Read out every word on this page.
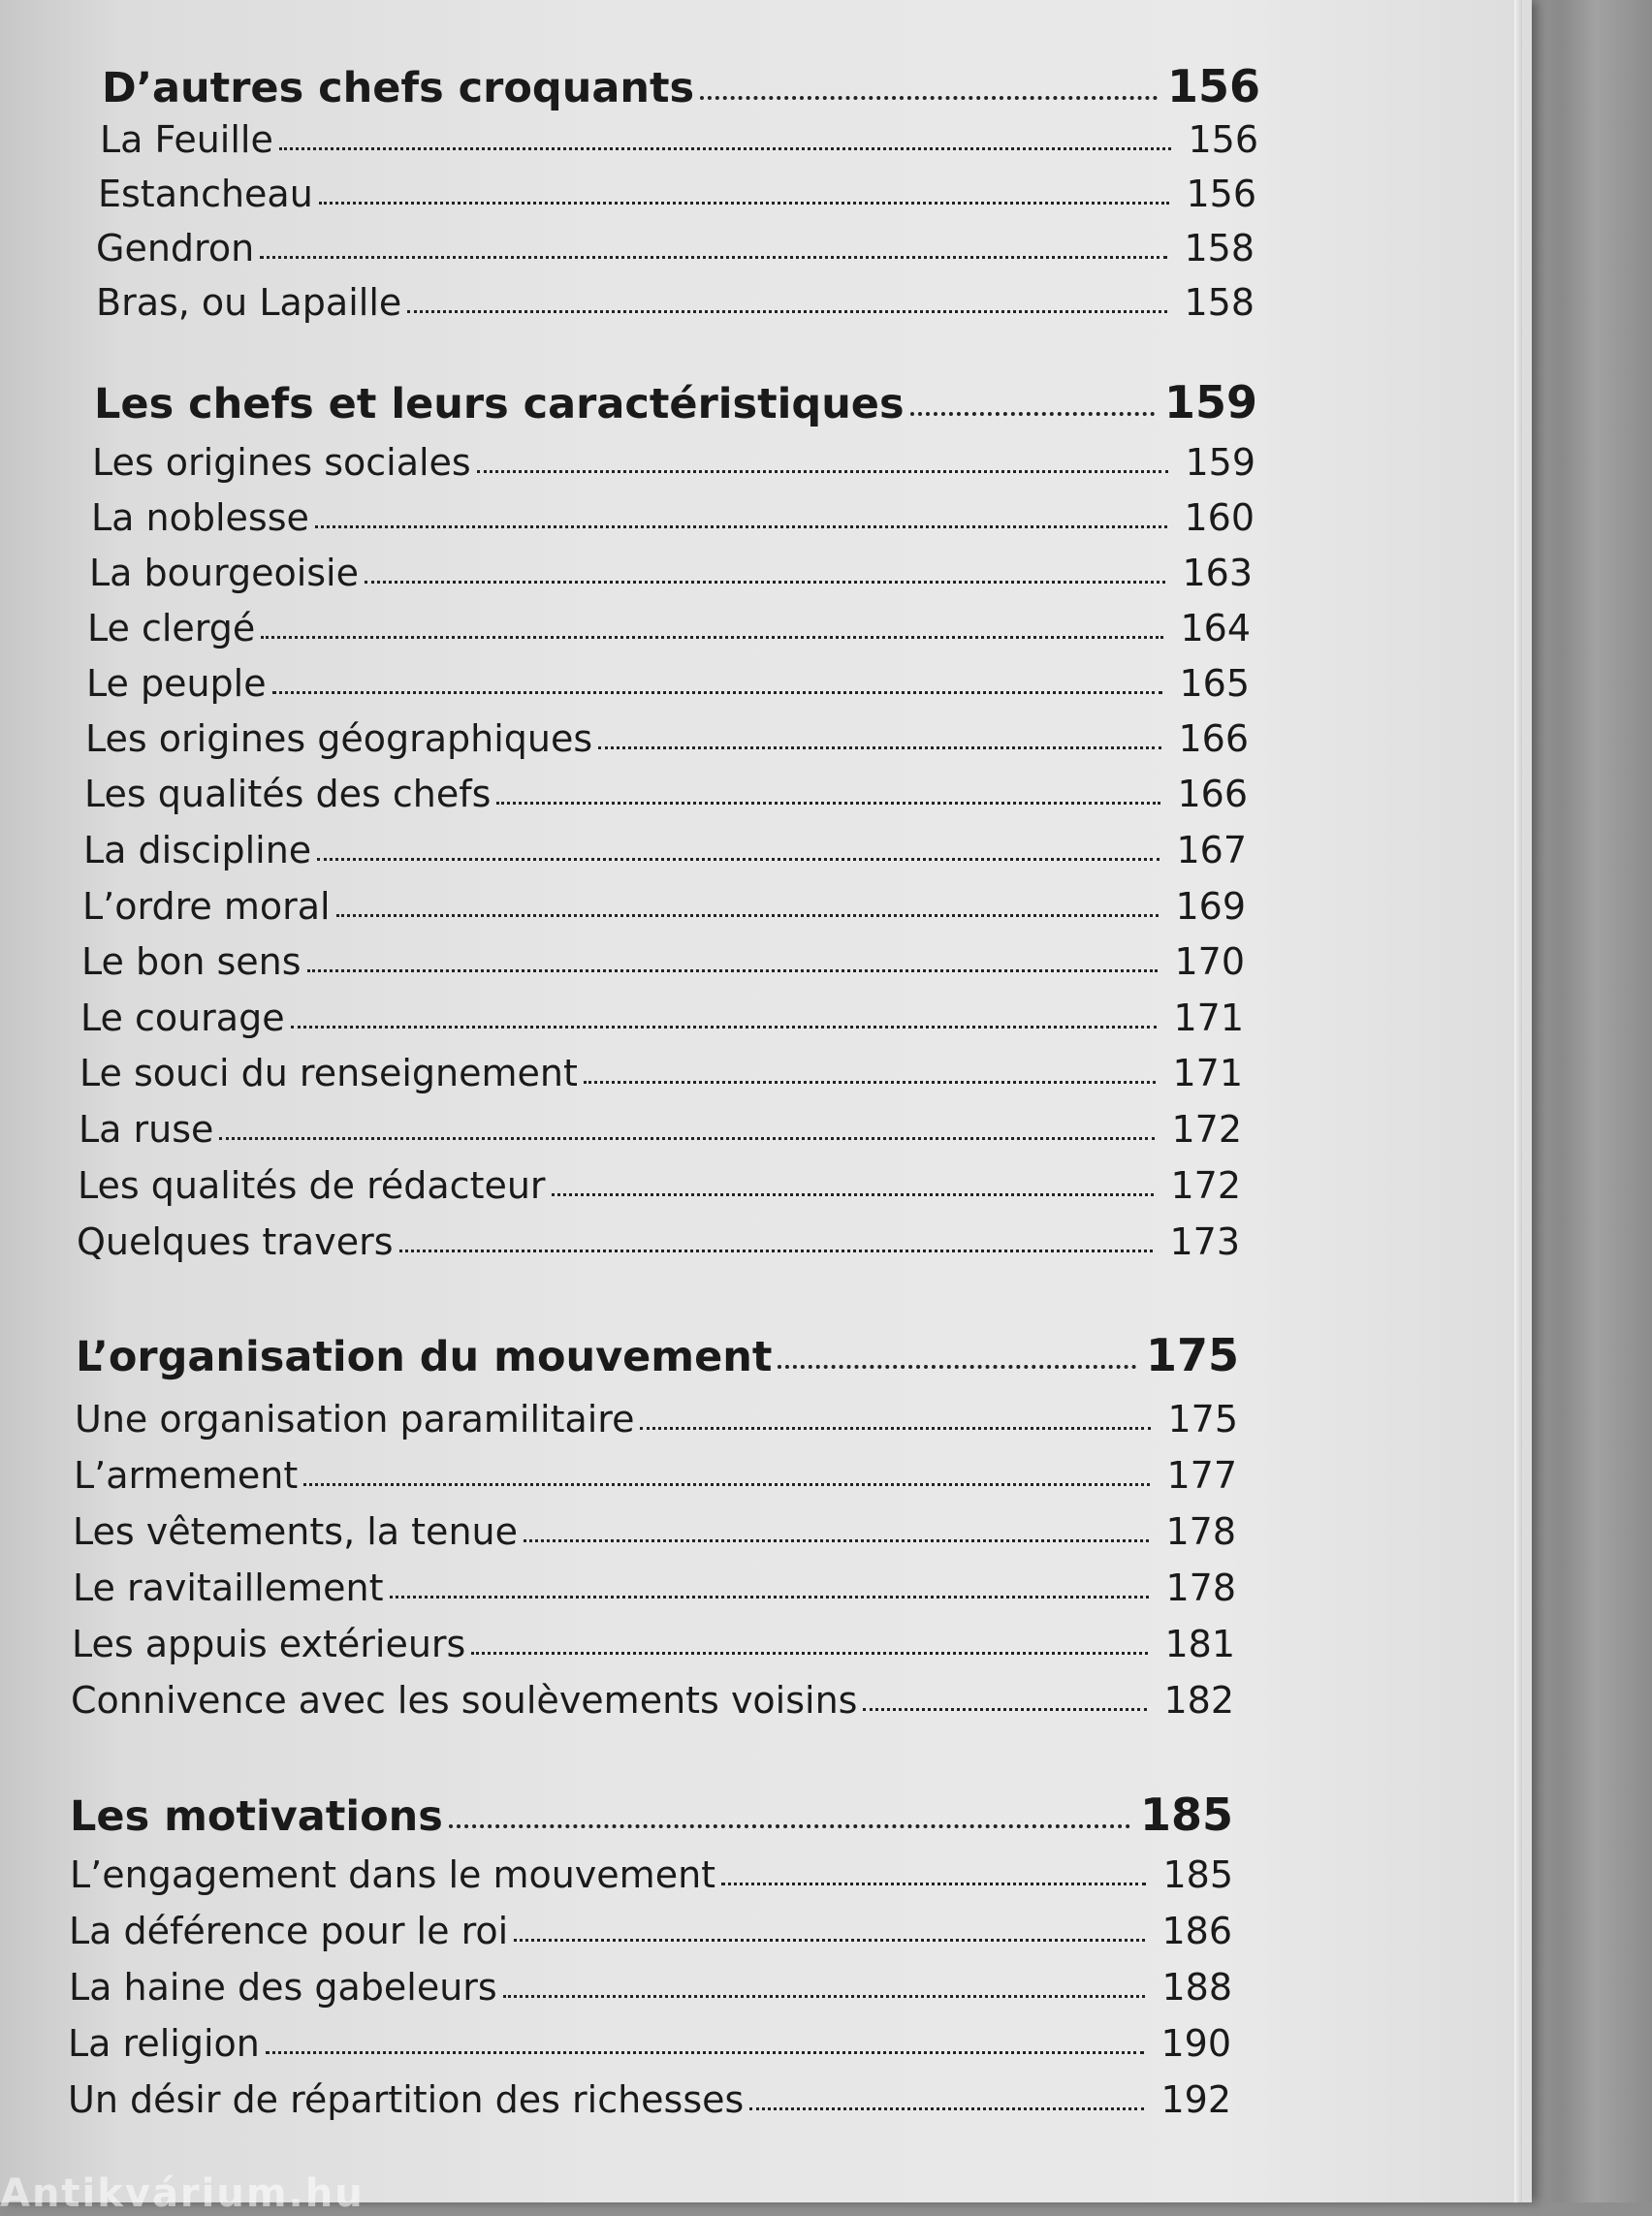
D’autres chefs croquants	156
La Feuille	156
Estancheau	156
Gendron	158
Bras, ou Lapaille	158
Les chefs et leurs caractéristiques	159
Les origines sociales	159
La noblesse	160
La bourgeoisie	163
Le clergé	164
Le peuple	165
Les origines géographiques	166
Les qualités des chefs	166
La discipline	167
L’ordre moral	169
Le bon sens	170
Le courage	171
Le souci du renseignement	171
La ruse	172
Les qualités de rédacteur	172
Quelques travers	173
L’organisation du mouvement	175
Une organisation paramilitaire	175
L’armement	177
Les vêtements, la tenue	178
Le ravitaillement	178
Les appuis extérieurs	181
Connivence avec les soulèvements voisins	182
Les motivations	185
L’engagement dans le mouvement	185
La déférence pour le roi	186
La haine des gabeleurs	188
La religion	190
Un désir de répartition des richesses	192
Antikvárium.hu
